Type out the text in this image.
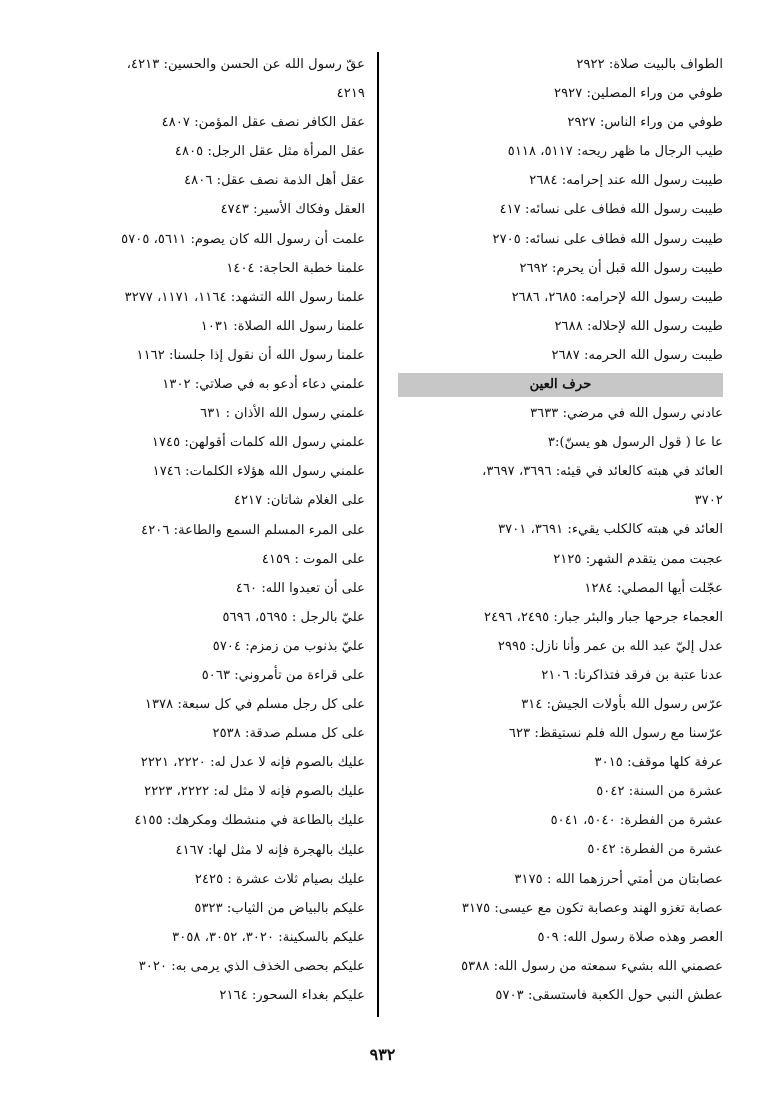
الطواف بالبيت صلاة: ٢٩٢٢
طوفي من وراء المصلين: ٢٩٢٧
طوفي من وراء الناس: ٢٩٢٧
طيب الرجال ما ظهر ريحه: ٥١١٧، ٥١١٨
طيبت رسول الله عند إحرامه: ٢٦٨٤
طيبت رسول الله فطاف على نسائه: ٤١٧
طيبت رسول الله فطاف على نسائه: ٢٧٠٥
طيبت رسول الله قبل أن يحرم: ٢٦٩٢
طيبت رسول الله لإحرامه: ٢٦٨٥، ٢٦٨٦
طيبت رسول الله لإحلاله: ٢٦٨٨
طيبت رسول الله الحرمه: ٢٦٨٧
حرف العين
عادني رسول الله في مرضي: ٣٦٣٣
عا عا ( قول الرسول هو يسنّ):٣
العائد في هبته كالعائد في قيئه: ٣٦٩٦، ٣٦٩٧،
٣٧٠٢
العائد في هبته كالكلب يقيء: ٣٦٩١، ٣٧٠١
عجبت ممن يتقدم الشهر: ٢١٢٥
عجّلت أيها المصلي: ١٢٨٤
العجماء جرحها جبار والبئر جبار: ٢٤٩٥، ٢٤٩٦
عدل إليّ عبد الله بن عمر وأنا نازل: ٢٩٩٥
عدنا عتبة بن فرقد فتذاكرنا: ٢١٠٦
عرّس رسول الله بأولات الجيش: ٣١٤
عرّسنا مع رسول الله فلم نستيقظ: ٦٢٣
عرفة كلها موقف: ٣٠١٥
عشرة من السنة: ٥٠٤٢
عشرة من الفطرة: ٥٠٤٠، ٥٠٤١
عشرة من الفطرة: ٥٠٤٢
عصابتان من أمتي أحرزهما الله : ٣١٧٥
عصابة تغزو الهند وعصابة تكون مع عيسى: ٣١٧٥
العصر وهذه صلاة رسول الله: ٥٠٩
عصمني الله بشيء سمعته من رسول الله: ٥٣٨٨
عطش النبي حول الكعبة فاستسقى: ٥٧٠٣
عقّ رسول الله عن الحسن والحسين: ٤٢١٣،
٤٢١٩
عقل الكافر نصف عقل المؤمن: ٤٨٠٧
عقل المرأة مثل عقل الرجل: ٤٨٠٥
عقل أهل الذمة نصف عقل: ٤٨٠٦
العقل وفكاك الأسير: ٤٧٤٣
علمت أن رسول الله كان يصوم: ٥٦١١، ٥٧٠٥
علمنا خطبة الحاجة: ١٤٠٤
علمنا رسول الله التشهد: ١١٦٤، ١١٧١، ٣٢٧٧
علمنا رسول الله الصلاة: ١٠٣١
علمنا رسول الله أن نقول إذا جلسنا: ١١٦٢
علمني دعاء أدعو به في صلاتي: ١٣٠٢
علمني رسول الله الأذان : ٦٣١
علمني رسول الله كلمات أقولهن: ١٧٤٥
علمني رسول الله هؤلاء الكلمات: ١٧٤٦
على الغلام شاتان: ٤٢١٧
على المرء المسلم السمع والطاعة: ٤٢٠٦
على الموت : ٤١٥٩
على أن تعبدوا الله: ٤٦٠
عليّ بالرجل : ٥٦٩٥، ٥٦٩٦
عليّ بذنوب من زمزم: ٥٧٠٤
على قراءة من تأمروني: ٥٠٦٣
على كل رجل مسلم في كل سبعة: ١٣٧٨
على كل مسلم صدقة: ٢٥٣٨
عليك بالصوم فإنه لا عدل له: ٢٢٢٠، ٢٢٢١
عليك بالصوم فإنه لا مثل له: ٢٢٢٢، ٢٢٢٣
عليك بالطاعة في منشطك ومكرهك: ٤١٥٥
عليك بالهجرة فإنه لا مثل لها: ٤١٦٧
عليك بصيام ثلاث عشرة : ٢٤٢٥
عليكم بالبياض من الثياب: ٥٣٢٣
عليكم بالسكينة: ٣٠٢٠، ٣٠٥٢، ٣٠٥٨
عليكم بحصى الخذف الذي يرمى به: ٣٠٢٠
عليكم بغداء السحور: ٢١٦٤
٩٣٢
